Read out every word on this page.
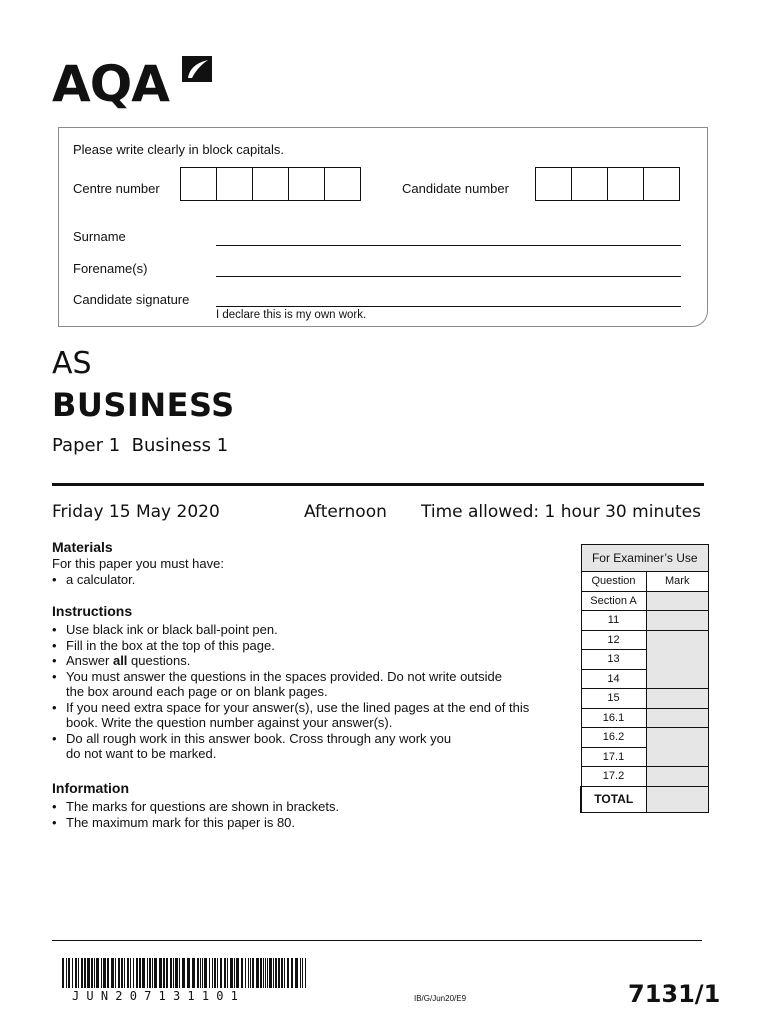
AQA
Please write clearly in block capitals.
Centre number	Candidate number
Surname
Forename(s)
Candidate signature
I declare this is my own work.
AS
BUSINESS
Paper 1  Business 1
Friday 15 May 2020	Afternoon Time allowed: 1 hour 30 minutes
Materials
For this paper you must have:
• a calculator.
Instructions
• Use black ink or black ball-point pen.
• Fill in the box at the top of this page.
• Answer all questions.
• You must answer the questions in the spaces provided. Do not write outside the box around each page or on blank pages.
• If you need extra space for your answer(s), use the lined pages at the end of this book. Write the question number against your answer(s).
• Do all rough work in this answer book. Cross through any work you do not want to be marked.
Information
• The marks for questions are shown in brackets.
• The maximum mark for this paper is 80.
For Examiner’s Use	
Question	Mark
Section A	
11	
12	
13	
14	
15	
16.1	
16.2	
17.1	
17.2	
TOTAL	
JUN207131101	IB/G/Jun20/E9	7131/1
